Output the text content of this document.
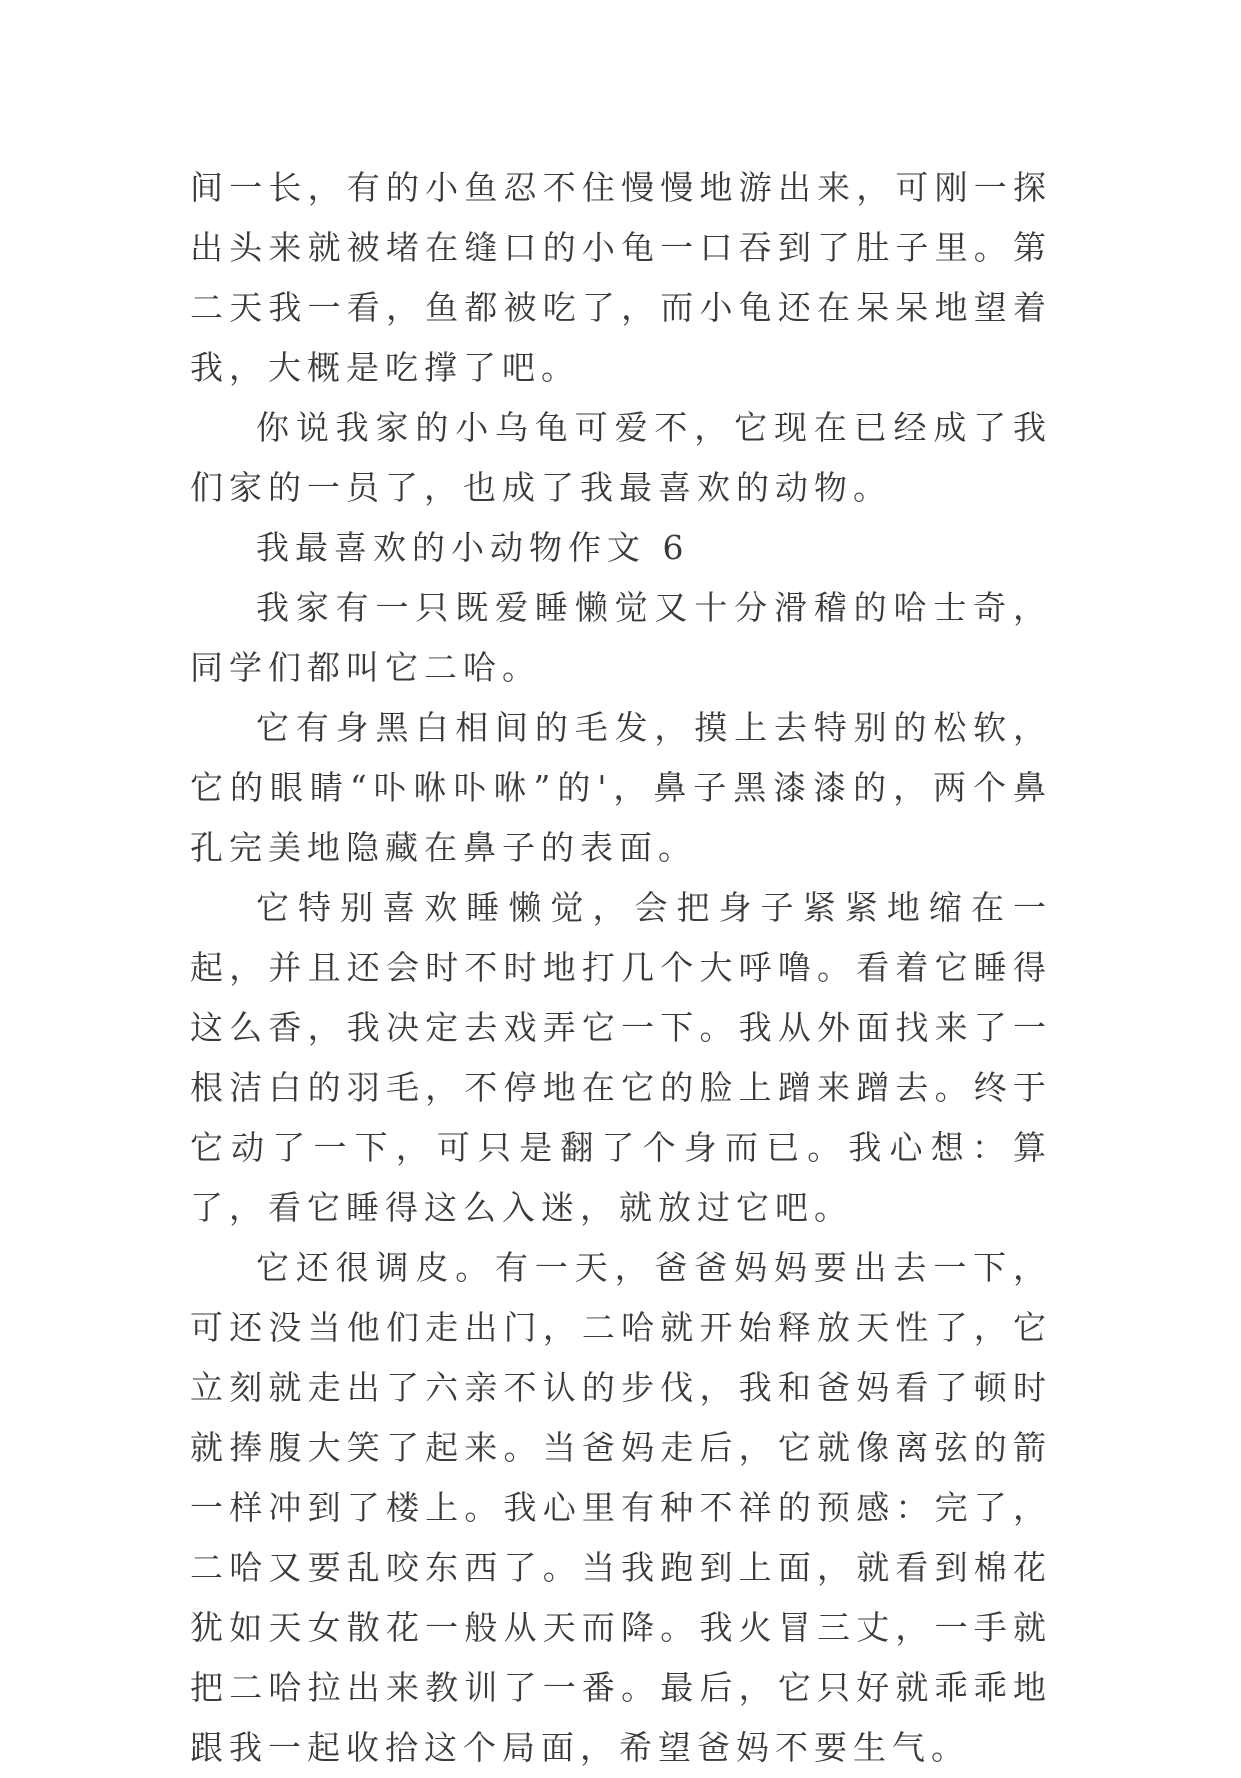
间一长，有的小鱼忍不住慢慢地游出来，可刚一探出头来就被堵在缝口的小龟一口吞到了肚子里。第二天我一看，鱼都被吃了，而小龟还在呆呆地望着我，大概是吃撑了吧。

你说我家的小乌龟可爱不，它现在已经成了我们家的一员了，也成了我最喜欢的动物。

我最喜欢的小动物作文 6

我家有一只既爱睡懒觉又十分滑稽的哈士奇，同学们都叫它二哈。

它有身黑白相间的毛发，摸上去特别的松软，它的眼睛“卟咻卟咻”的'，鼻子黑漆漆的，两个鼻孔完美地隐藏在鼻子的表面。

它特别喜欢睡懒觉，会把身子紧紧地缩在一起，并且还会时不时地打几个大呼噜。看着它睡得这么香，我决定去戏弄它一下。我从外面找来了一根洁白的羽毛，不停地在它的脸上蹭来蹭去。终于它动了一下，可只是翻了个身而已。我心想：算了，看它睡得这么入迷，就放过它吧。

它还很调皮。有一天，爸爸妈妈要出去一下，可还没当他们走出门，二哈就开始释放天性了，它立刻就走出了六亲不认的步伐，我和爸妈看了顿时就捧腹大笑了起来。当爸妈走后，它就像离弦的箭一样冲到了楼上。我心里有种不祥的预感：完了，二哈又要乱咬东西了。当我跑到上面，就看到棉花犹如天女散花一般从天而降。我火冒三丈，一手就把二哈拉出来教训了一番。最后，它只好就乖乖地跟我一起收拾这个局面，希望爸妈不要生气。
